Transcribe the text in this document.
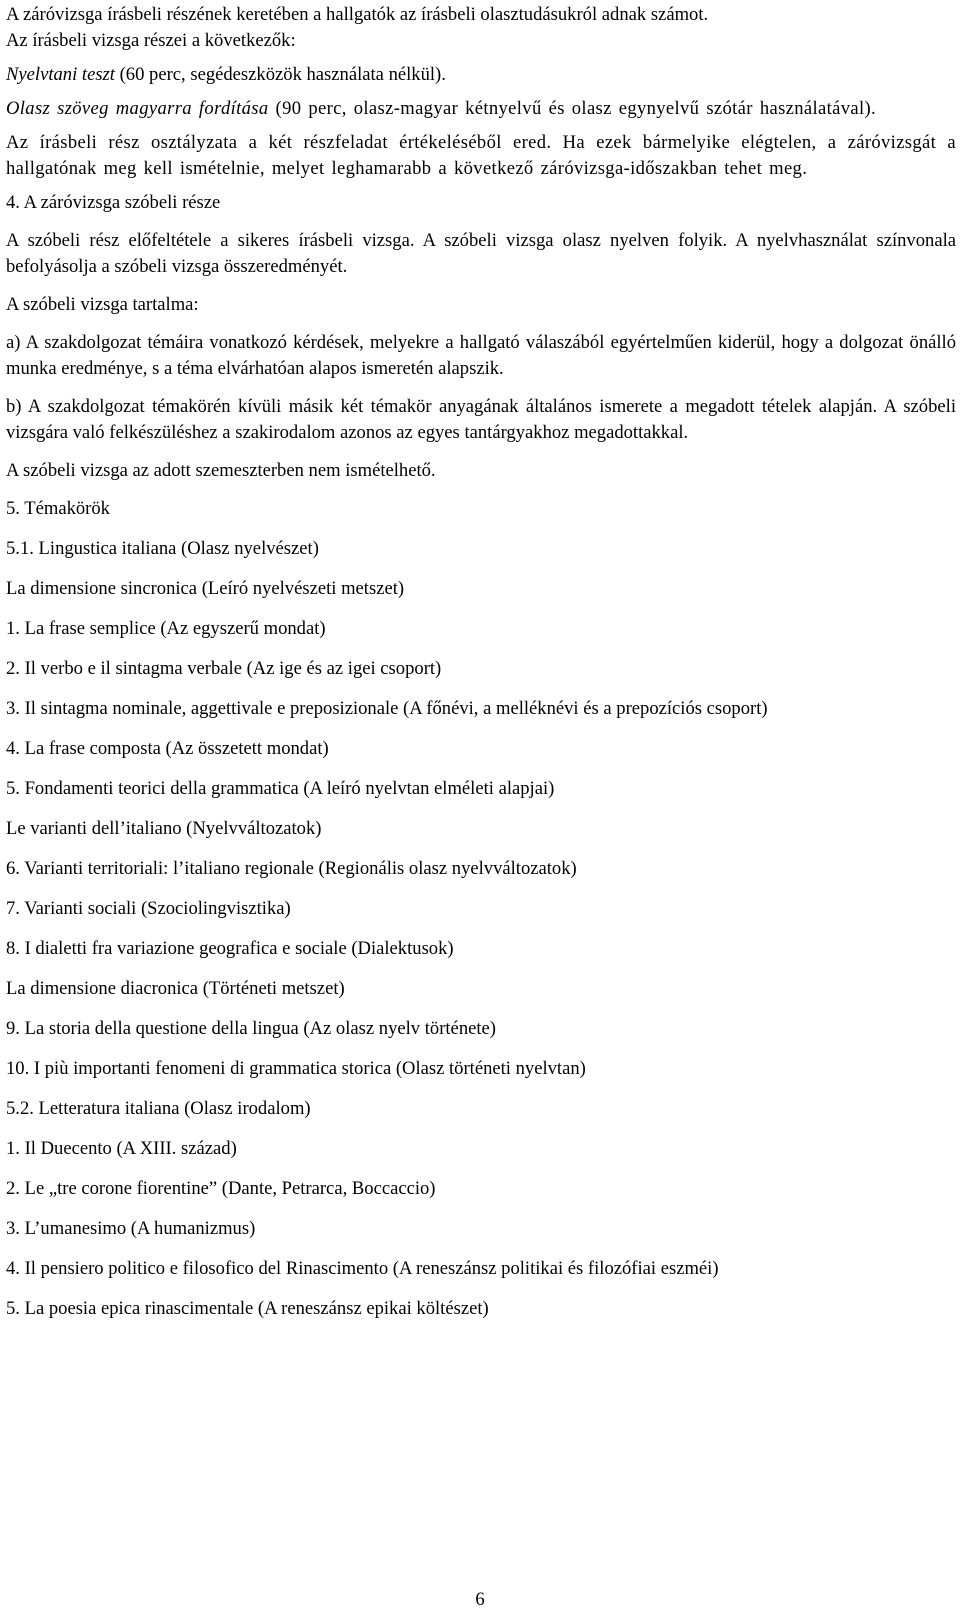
A záróvizsga írásbeli részének keretében a hallgatók az írásbeli olasztudásukról adnak számot.

Az írásbeli vizsga részei a következők:

Nyelvtani teszt (60 perc, segédeszközök használata nélkül).

Olasz szöveg magyarra fordítása (90 perc, olasz-magyar kétnyelvű és olasz egynyelvű szótár használatával).

Az írásbeli rész osztályzata a két részfeladat értékeléséből ered. Ha ezek bármelyike elégtelen, a záróvizsgát a hallgatónak meg kell ismételnie, melyet leghamarabb a következő záróvizsga-időszakban tehet meg.

4. A záróvizsga szóbeli része

A szóbeli rész előfeltétele a sikeres írásbeli vizsga. A szóbeli vizsga olasz nyelven folyik. A nyelvhasználat színvonala befolyásolja a szóbeli vizsga összeredményét.

A szóbeli vizsga tartalma:

a) A szakdolgozat témáira vonatkozó kérdések, melyekre a hallgató válaszából egyértelműen kiderül, hogy a dolgozat önálló munka eredménye, s a téma elvárhatóan alapos ismeretén alapszik.

b) A szakdolgozat témakörén kívüli másik két témakör anyagának általános ismerete a megadott tételek alapján. A szóbeli vizsgára való felkészüléshez a szakirodalom azonos az egyes tantárgyakhoz megadottakkal.

A szóbeli vizsga az adott szemeszterben nem ismételhető.

5. Témakörök

5.1. Lingustica italiana (Olasz nyelvészet)

La dimensione sincronica (Leíró nyelvészeti metszet)

1. La frase semplice (Az egyszerű mondat)

2. Il verbo e il sintagma verbale (Az ige és az igei csoport)

3. Il sintagma nominale, aggettivale e preposizionale (A főnévi, a melléknévi és a prepozíciós csoport)

4. La frase composta (Az összetett mondat)

5. Fondamenti teorici della grammatica (A leíró nyelvtan elméleti alapjai)

Le varianti dell’italiano (Nyelvváltozatok)

6. Varianti territoriali: l’italiano regionale (Regionális olasz nyelvváltozatok)

7. Varianti sociali (Szociolingvisztika)

8. I dialetti fra variazione geografica e sociale (Dialektusok)

La dimensione diacronica (Történeti metszet)

9. La storia della questione della lingua (Az olasz nyelv története)

10. I più importanti fenomeni di grammatica storica (Olasz történeti nyelvtan)

5.2. Letteratura italiana (Olasz irodalom)

1. Il Duecento (A XIII. század)

2. Le „tre corone fiorentine” (Dante, Petrarca, Boccaccio)

3. L’umanesimo (A humanizmus)

4. Il pensiero politico e filosofico del Rinascimento (A reneszánsz politikai és filozófiai eszméi)

5. La poesia epica rinascimentale (A reneszánsz epikai költészet)

6
